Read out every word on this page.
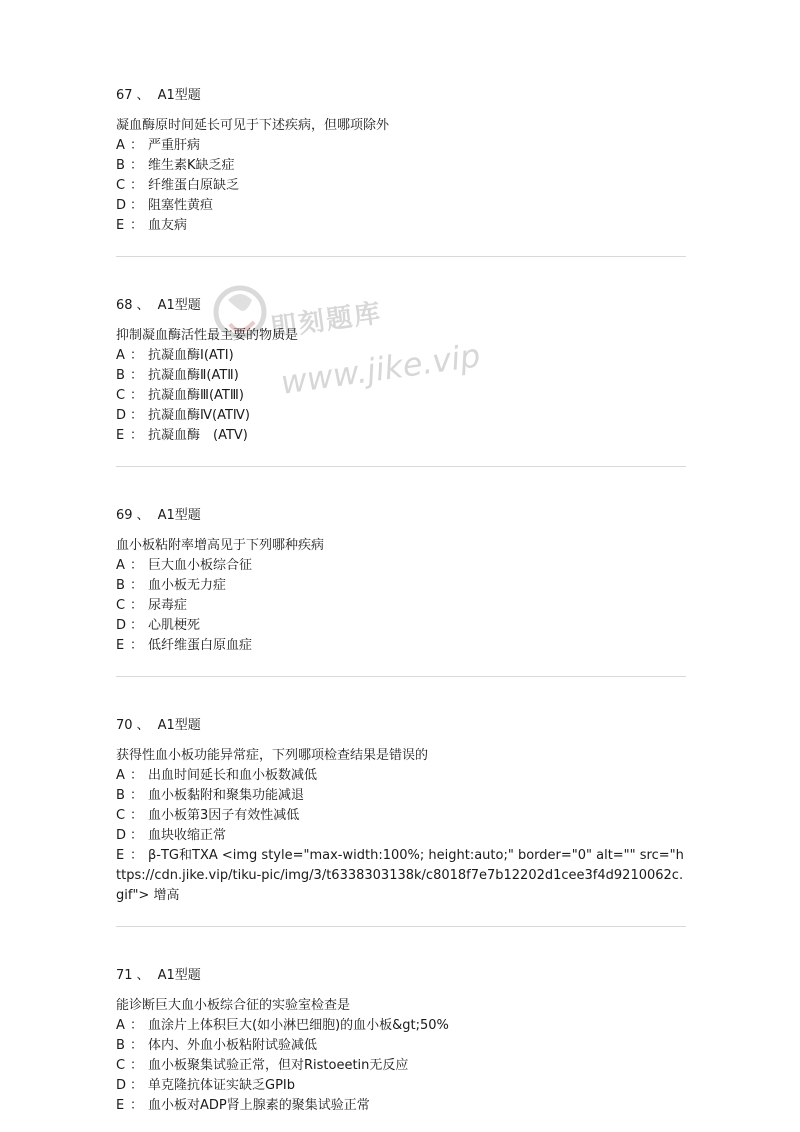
即刻题库
www.jike.vip
67 、 A1型题
凝血酶原时间延长可见于下述疾病，但哪项除外
A ： 严重肝病
B ： 维生素K缺乏症
C ： 纤维蛋白原缺乏
D ： 阻塞性黄疸
E ： 血友病
68 、 A1型题
抑制凝血酶活性最主要的物质是
A ： 抗凝血酶Ⅰ(ATⅠ)
B ： 抗凝血酶Ⅱ(ATⅡ)
C ： 抗凝血酶Ⅲ(ATⅢ)
D ： 抗凝血酶Ⅳ(ATⅣ)
E ： 抗凝血酶　(ATV)
69 、 A1型题
血小板粘附率增高见于下列哪种疾病
A ： 巨大血小板综合征
B ： 血小板无力症
C ： 尿毒症
D ： 心肌梗死
E ： 低纤维蛋白原血症
70 、 A1型题
获得性血小板功能异常症，下列哪项检查结果是错误的
A ： 出血时间延长和血小板数减低
B ： 血小板黏附和聚集功能减退
C ： 血小板第3因子有效性减低
D ： 血块收缩正常
E ： β-TG和TXA <img style="max-width:100%; height:auto;" border="0" alt="" src="https://cdn.jike.vip/tiku-pic/img/3/t6338303138k/c8018f7e7b12202d1cee3f4d9210062c.gif"> 增高
71 、 A1型题
能诊断巨大血小板综合征的实验室检查是
A ： 血涂片上体积巨大(如小淋巴细胞)的血小板&gt;50%
B ： 体内、外血小板粘附试验减低
C ： 血小板聚集试验正常，但对Ristoeetin无反应
D ： 单克隆抗体证实缺乏GPⅠb
E ： 血小板对ADP肾上腺素的聚集试验正常
